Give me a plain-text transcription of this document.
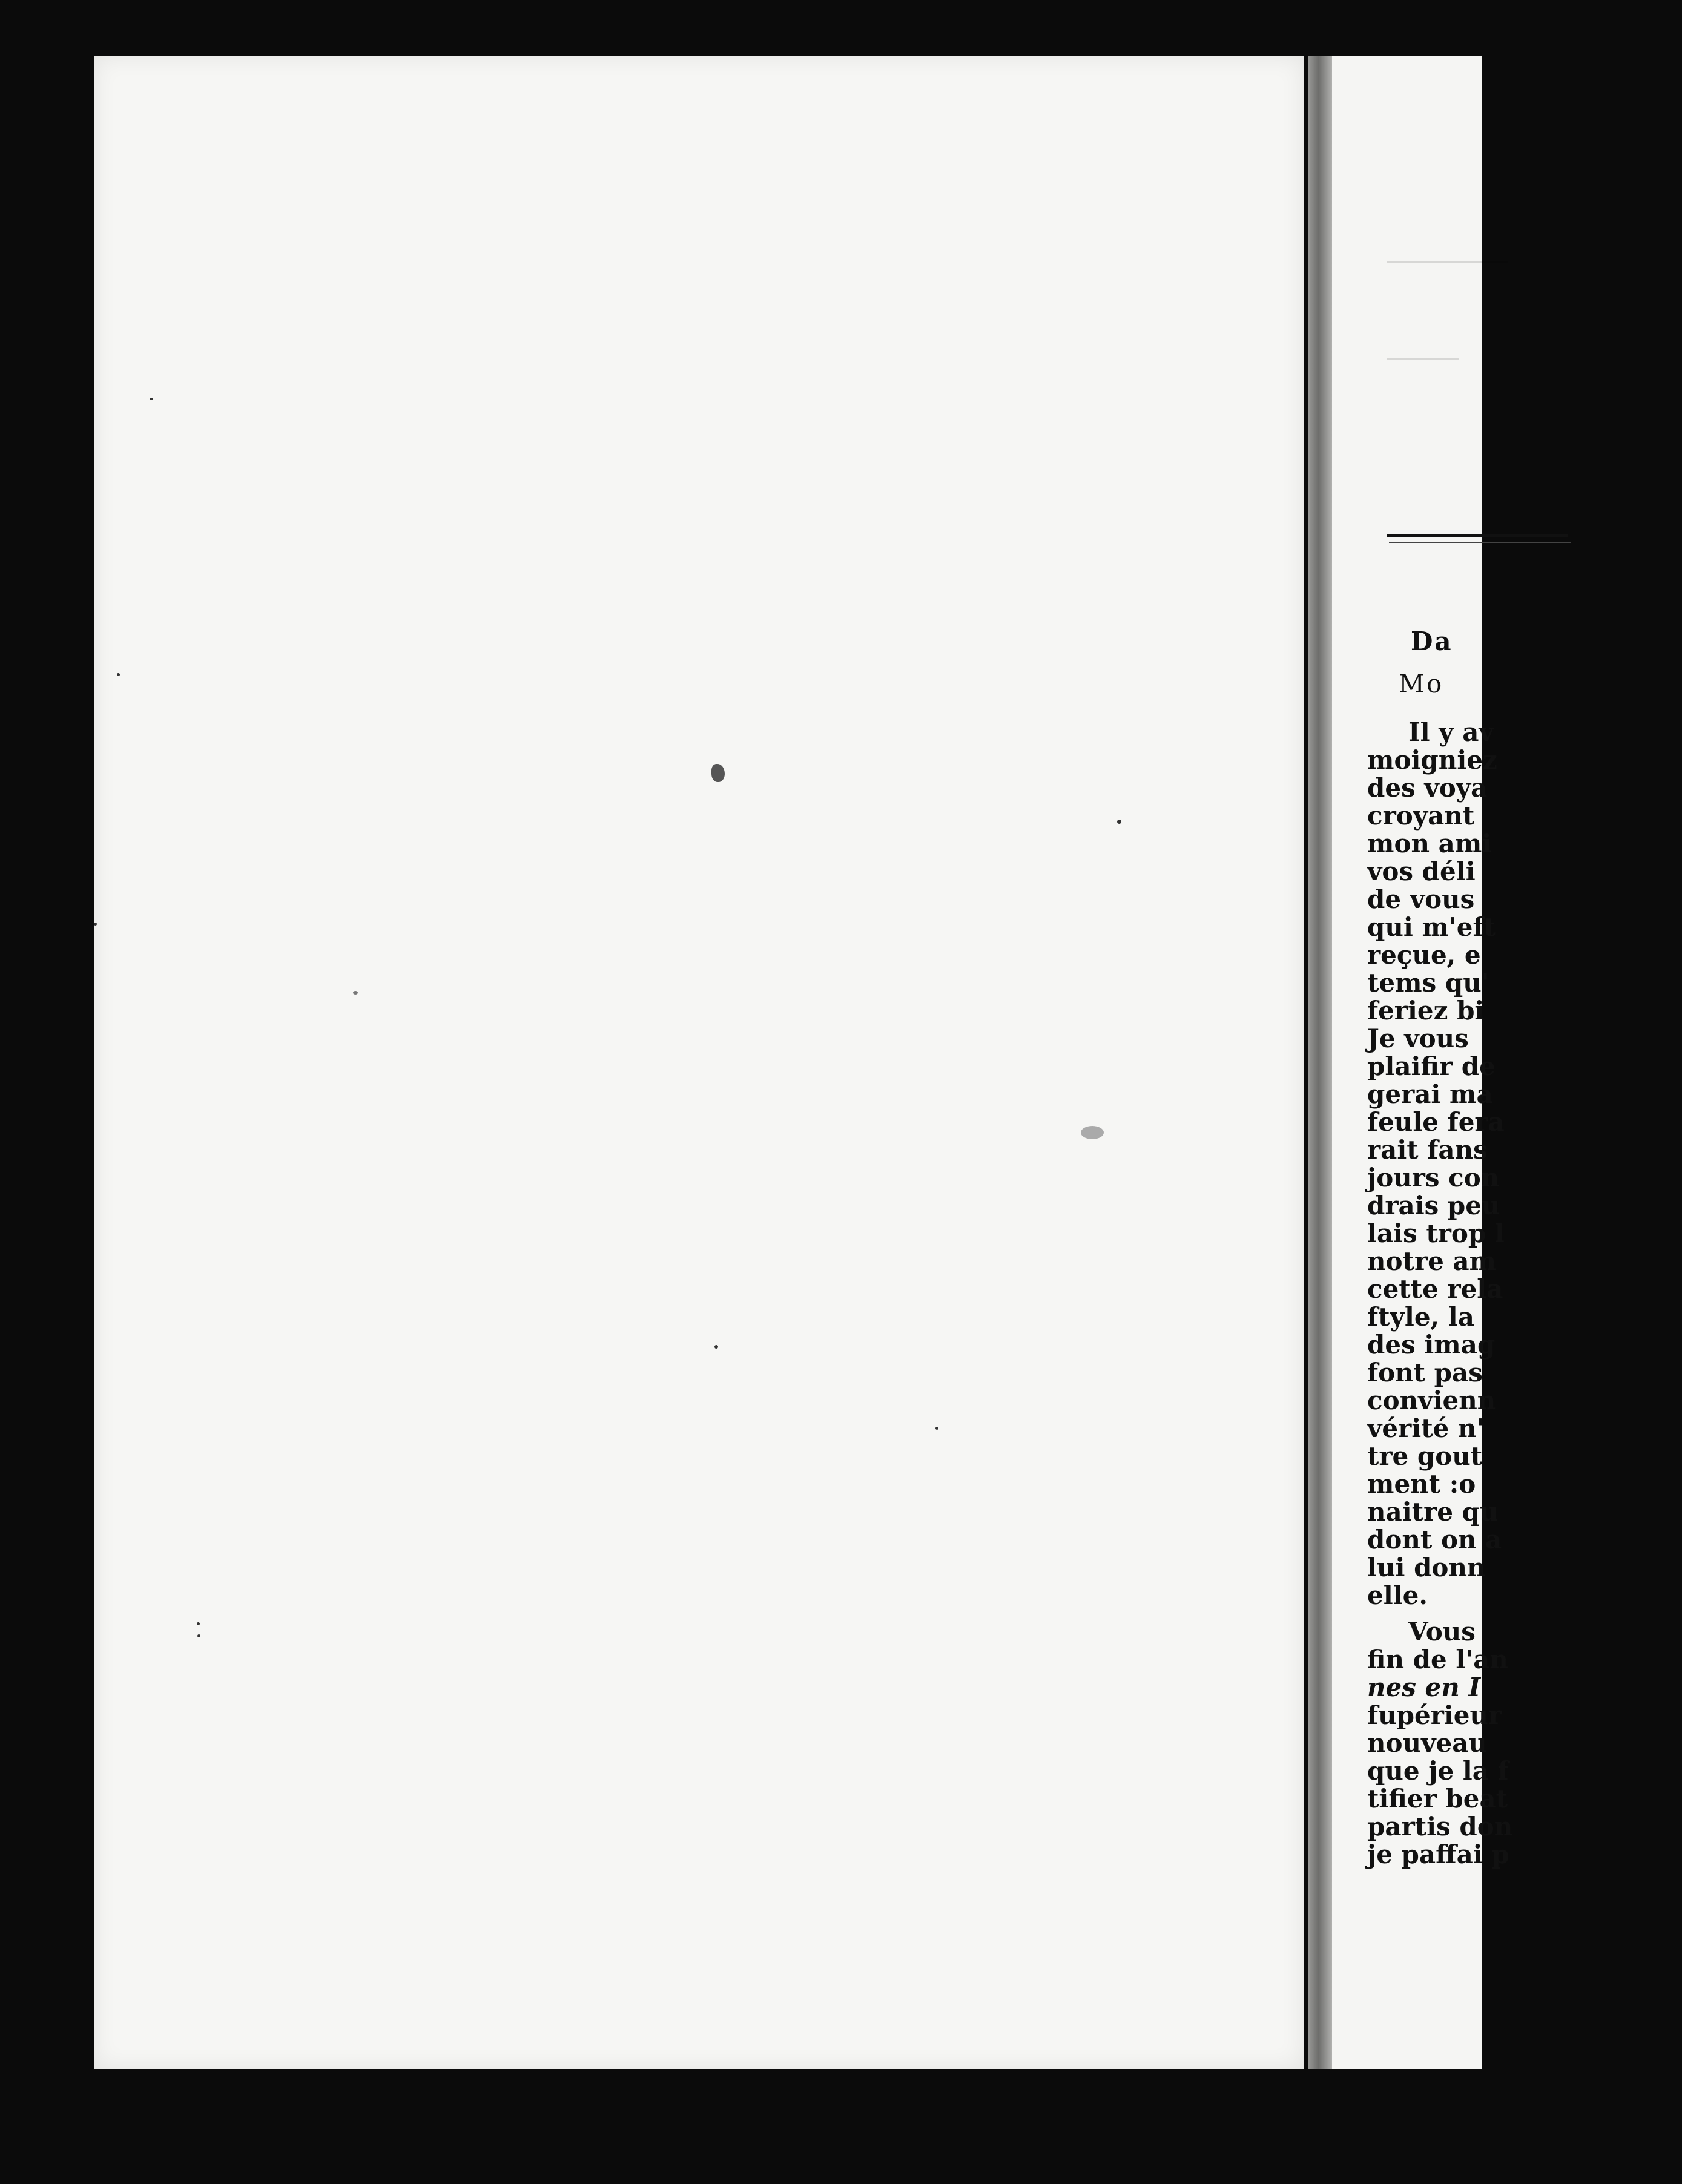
Da
Mo
Il y av
moigniez
des voya
croyant
mon ami
vos déli
de vous
qui m'eft
reçue, e
tems qu'
feriez bi
Je vous
plaifir de
gerai ma
feule fera
rait fans
jours con
drais peu
lais trop l
notre am
cette rela
ftyle, la
des imag
font pas
convienn
vérité n'
tre gout
ment :o
naitre qu
dont on a
lui donn
elle.
Vous
fin de l'an
nes en I
fupérieur
nouveau
que je la f
tifier beat
partis don
je paffai p
